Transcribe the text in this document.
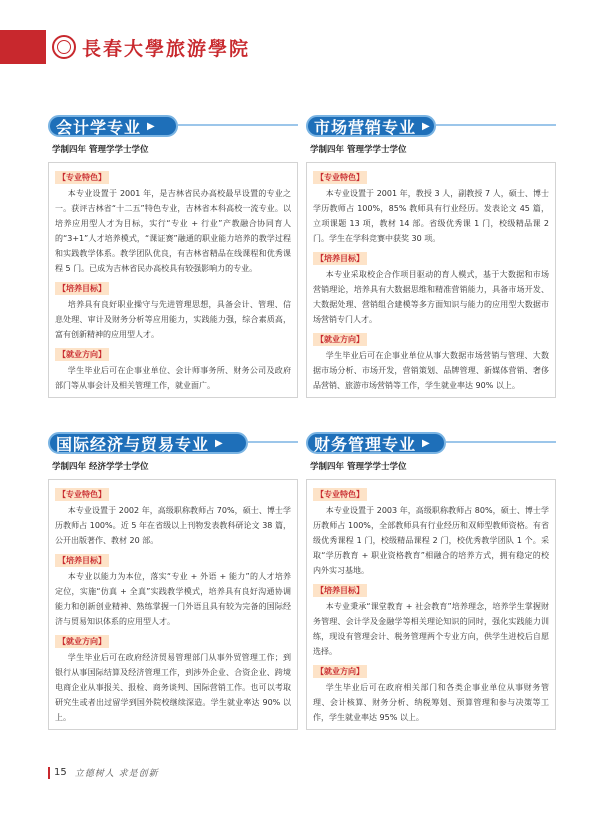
長春大學旅游學院
会计学专业 ▶
学制四年 管理学学士学位
【专业特色】

本专业设置于 2001 年，是吉林省民办高校最早设置的专业之一。获评吉林省“十二五”特色专业，吉林省本科高校一流专业。以培养应用型人才为目标，实行“专业 + 行业”产教融合协同育人的“3+1”人才培养模式，“课证赛”融通的职业能力培养的教学过程和实践教学体系。教学团队优良，有吉林省精品在线课程和优秀课程 5 门。已成为吉林省民办高校具有较强影响力的专业。

【培养目标】

培养具有良好职业操守与先进管理思想，具备会计、管理、信息处理、审计及财务分析等应用能力，实践能力强，综合素质高，富有创新精神的应用型人才。

【就业方向】

学生毕业后可在企事业单位、会计师事务所、财务公司及政府部门等从事会计及相关管理工作，就业面广。

市场营销专业 ▶
学制四年 管理学学士学位
【专业特色】

本专业设置于 2001 年，教授 3 人，副教授 7 人，硕士、博士学历教师占 100%，85% 教师具有行业经历。发表论文 45 篇，立项课题 13 项，教材 14 部。省级优秀课 1 门，校级精品课 2 门。学生在学科竞赛中获奖 30 项。

【培养目标】

本专业采取校企合作项目驱动的育人模式，基于大数据和市场营销理论，培养具有大数据思维和精准营销能力，具备市场开发、大数据处理、营销组合建模等多方面知识与能力的应用型大数据市场营销专门人才。

【就业方向】

学生毕业后可在企事业单位从事大数据市场营销与管理、大数据市场分析、市场开发，营销策划、品牌管理、新媒体营销、奢侈品营销、旅游市场营销等工作，学生就业率达 90% 以上。

国际经济与贸易专业 ▶
学制四年 经济学学士学位
【专业特色】

本专业设置于 2002 年，高级职称教师占 70%，硕士、博士学历教师占 100%。近 5 年在省级以上刊物发表教科研论文 38 篇，公开出版著作、教材 20 部。

【培养目标】

本专业以能力为本位，落实“专业 + 外语 + 能力”的人才培养定位，实施“仿真 + 全真”实践教学模式，培养具有良好沟通协调能力和创新创业精神、熟练掌握一门外语且具有较为完备的国际经济与贸易知识体系的应用型人才。

【就业方向】

学生毕业后可在政府经济贸易管理部门从事外贸管理工作；到银行从事国际结算及经济管理工作，到涉外企业、合资企业、跨境电商企业从事报关、报检、商务谈判、国际营销工作。也可以考取研究生或者出过留学到国外院校继续深造。学生就业率达 90% 以上。

财务管理专业 ▶
学制四年 管理学学士学位
【专业特色】

本专业设置于 2003 年，高级职称教师占 80%，硕士、博士学历教师占 100%，全部教师具有行业经历和双师型教师资格。有省级优秀课程 1 门，校级精品课程 2 门，校优秀教学团队 1 个。采取“学历教育 + 职业资格教育”相融合的培养方式，拥有稳定的校内外实习基地。

【培养目标】

本专业秉承“课堂教育 + 社会教育”培养理念，培养学生掌握财务管理、会计学及金融学等相关理论知识的同时，强化实践能力训练，现设有管理会计、税务管理两个专业方向，供学生进校后自愿选择。

【就业方向】

学生毕业后可在政府相关部门和各类企事业单位从事财务管理、会计核算、财务分析、纳税筹划、预算管理和参与决策等工作，学生就业率达 95% 以上。

15 立德树人 求是创新
